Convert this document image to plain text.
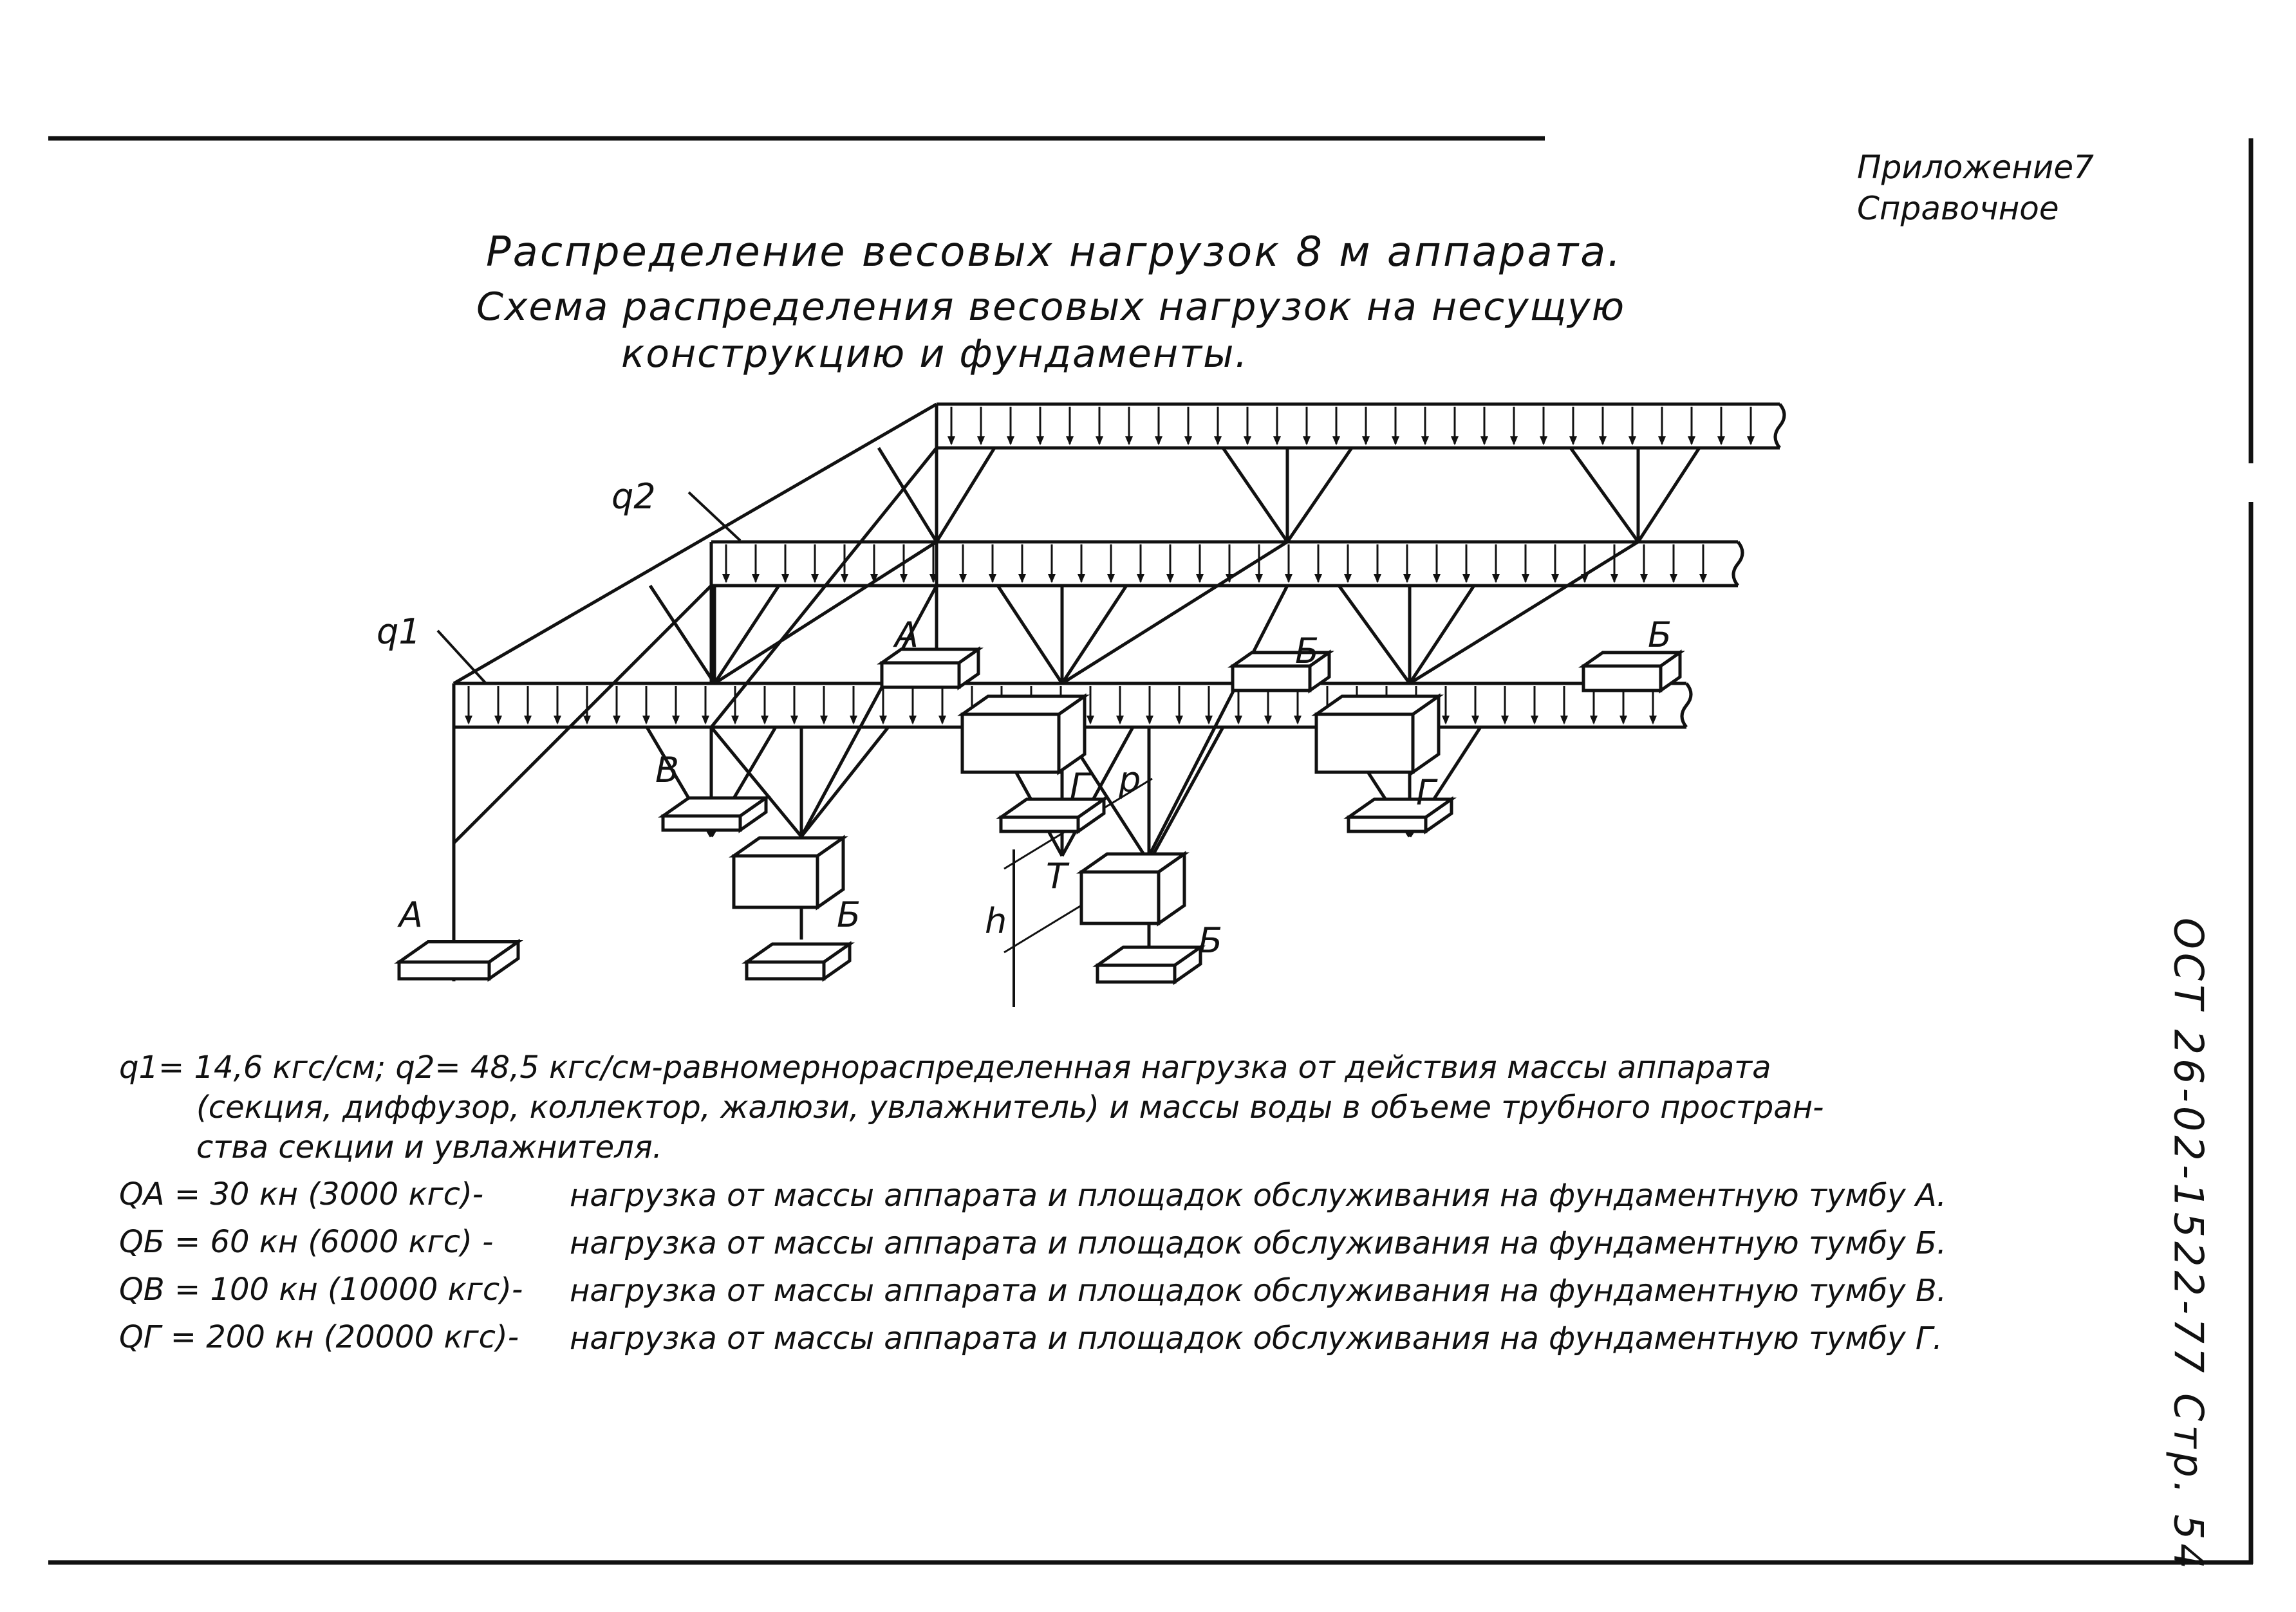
Приложение7
Справочное
Распределение весовых нагрузок 8 м аппарата.
Схема распределения весовых нагрузок на несущую
конструкцию и фундаменты.
q2
q1	А	Б	Б
В	Г р	Г
Т
h
А	Б
Б
q1= 14,6 кгс/см; q2= 48,5 кгс/см-равномернораспределенная нагрузка от действия массы аппарата
(секция, диффузор, коллектор, жалюзи, увлажнитель) и массы воды в объеме трубного простран-
ства секции и увлажнителя.
QА = 30 кн (3000 кгс)-	нагрузка от массы аппарата и площадок обслуживания на фундаментную тумбу А.
QБ = 60 кн (6000 кгс) -	нагрузка от массы аппарата и площадок обслуживания на фундаментную тумбу Б.
QВ = 100 кн (10000 кгс)-	нагрузка от массы аппарата и площадок обслуживания на фундаментную тумбу В.
QГ = 200 кн (20000 кгс)-	нагрузка от массы аппарата и площадок обслуживания на фундаментную тумбу Г.	ОСТ 26-02-1522-77 Стр. 54
